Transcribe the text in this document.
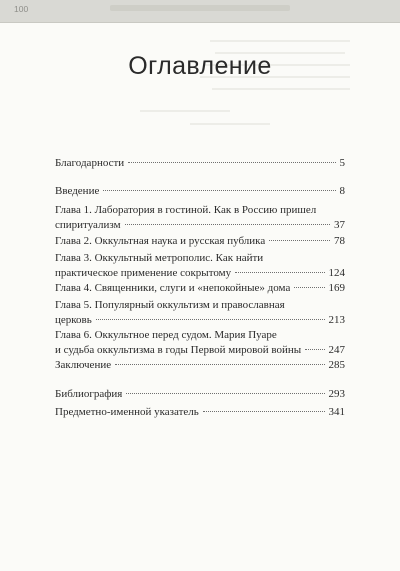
100
Оглавление
Благодарности	5
Введение	8
Глава 1. Лаборатория в гостиной. Как в Россию пришел
спиритуализм	37
Глава 2. Оккультная наука и русская публика	78
Глава 3. Оккультный метрополис. Как найти
практическое применение сокрытому	124
Глава 4. Священники, слуги и «непокойные» дома	169
Глава 5. Популярный оккультизм и православная
церковь	213
Глава 6. Оккультное перед судом. Мария Пуаре
и судьба оккультизма в годы Первой мировой войны 247
Заключение	285
Библиография	293
Предметно-именной указатель	341
